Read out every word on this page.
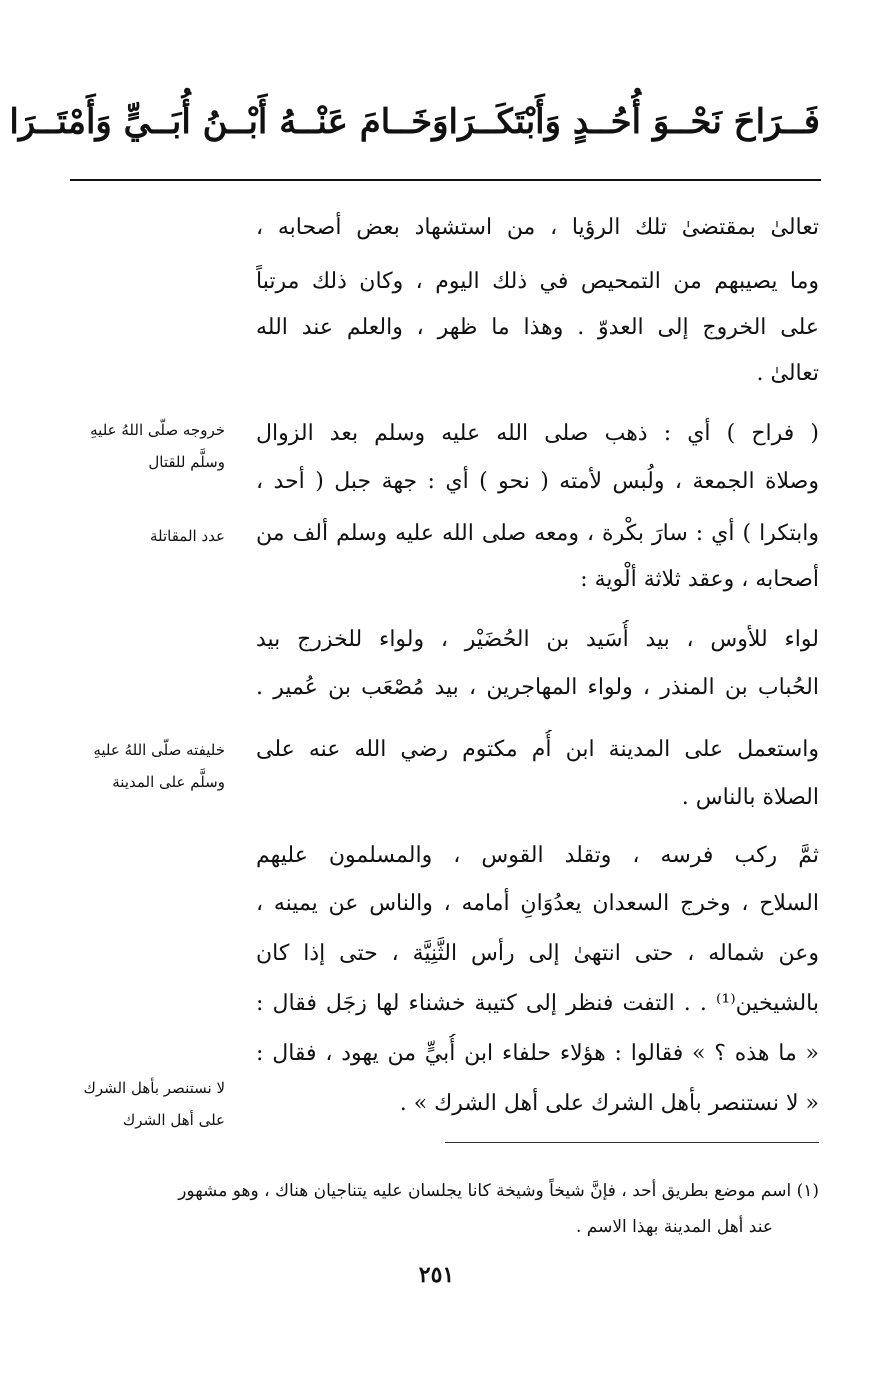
فَــرَاحَ نَحْــوَ أُحُــدٍ وَأَبْتَكَــرَا
وَخَــامَ عَنْــهُ أَبْــنُ أُبَــيٍّ وَأَمْتَــرَا
تعالىٰ بمقتضىٰ تلك الرؤيا ، من استشهاد بعض أصحابه ،
وما يصيبهم من التمحيص في ذلك اليوم ، وكان ذلك مرتباً
على الخروج إلى العدوّ . وهذا ما ظهر ، والعلم عند الله
تعالىٰ .
( فراح ) أي : ذهب صلى الله عليه وسلم بعد الزوال
وصلاة الجمعة ، ولُبس لأمته ( نحو ) أي : جهة جبل ( أحد ،
وابتكرا ) أي : سارَ بكْرة ، ومعه صلى الله عليه وسلم ألف من
أصحابه ، وعقد ثلاثة ألْوية :
لواء للأوس ، بيد أُسَيد بن الحُضَيْر ، ولواء للخزرج بيد
الحُباب بن المنذر ، ولواء المهاجرين ، بيد مُصْعَب بن عُمير .
واستعمل على المدينة ابن أُم مكتوم رضي الله عنه على
الصلاة بالناس .
ثمَّ ركب فرسه ، وتقلد القوس ، والمسلمون عليهم
السلاح ، وخرج السعدان يعدُوَانِ أمامه ، والناس عن يمينه ،
وعن شماله ، حتى انتهىٰ إلى رأس الثَّنِيَّة ، حتى إذا كان
بالشيخين⁽¹⁾ . . التفت فنظر إلى كتيبة خشناء لها زجَل فقال :
« ما هذه ؟ » فقالوا : هؤلاء حلفاء ابن أُبيٍّ من يهود ، فقال :
« لا نستنصر بأهل الشرك على أهل الشرك » .
خروجه صلّى اللهُ عليهِ
وسلَّم للقتال
عدد المقاتلة
خليفته صلّى اللهُ عليهِ
وسلَّم على المدينة
لا نستنصر بأهل الشرك
على أهل الشرك
(١) اسم موضع بطريق أحد ، فإنَّ شيخاً وشيخة كانا يجلسان عليه يتناجيان هناك ، وهو مشهور
عند أهل المدينة بهذا الاسم .
٢٥١
